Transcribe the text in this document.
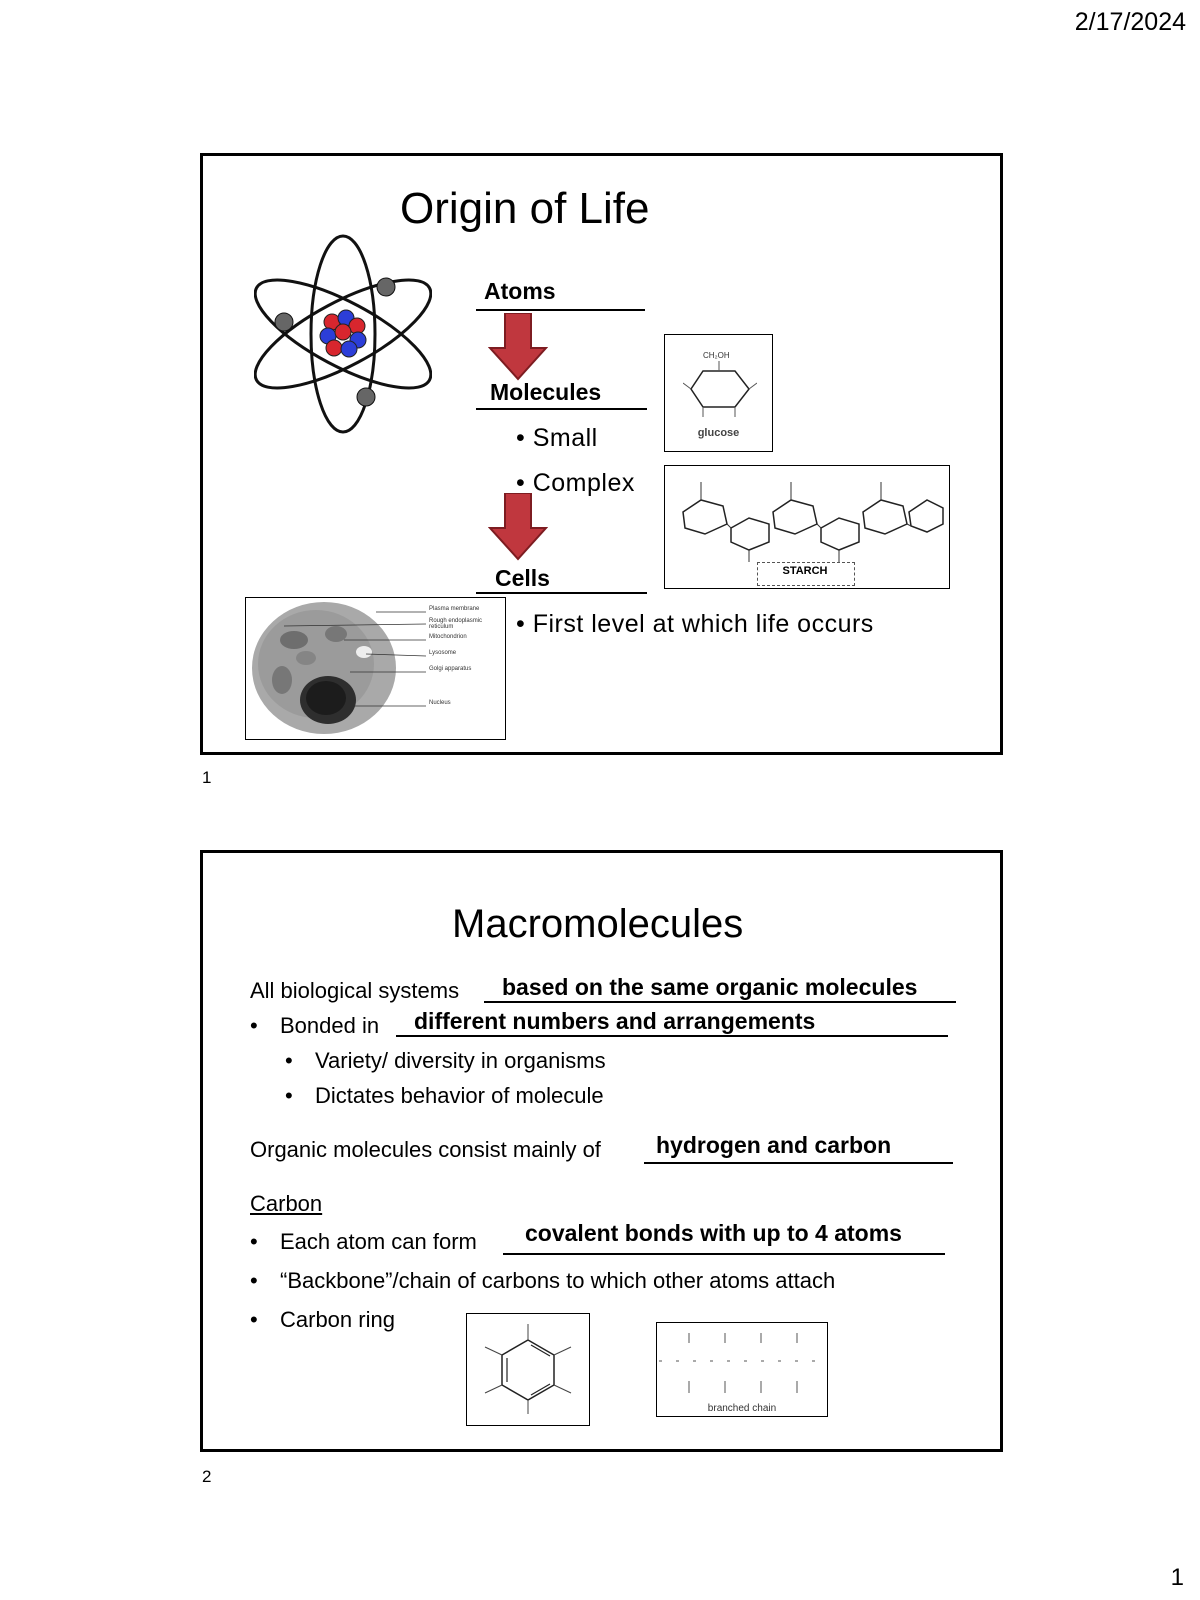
2/17/2024
1
1
Origin of Life
Atoms
Molecules
• Small
• Complex
Cells
• First level at which life occurs
CH₂OH
glucose
STARCH
Plasma membrane
Rough endoplasmic reticulum
Mitochondrion
Lysosome
Golgi apparatus
Nucleus
2
Macromolecules
All biological systems based on the same organic molecules
• Bonded in different numbers and arrangements
• Variety/ diversity in organisms
• Dictates behavior of molecule
Organic molecules consist mainly of hydrogen and carbon
Carbon
• Each atom can form covalent bonds with up to 4 atoms
• “Backbone”/chain of carbons to which other atoms attach
• Carbon ring
branched chain
